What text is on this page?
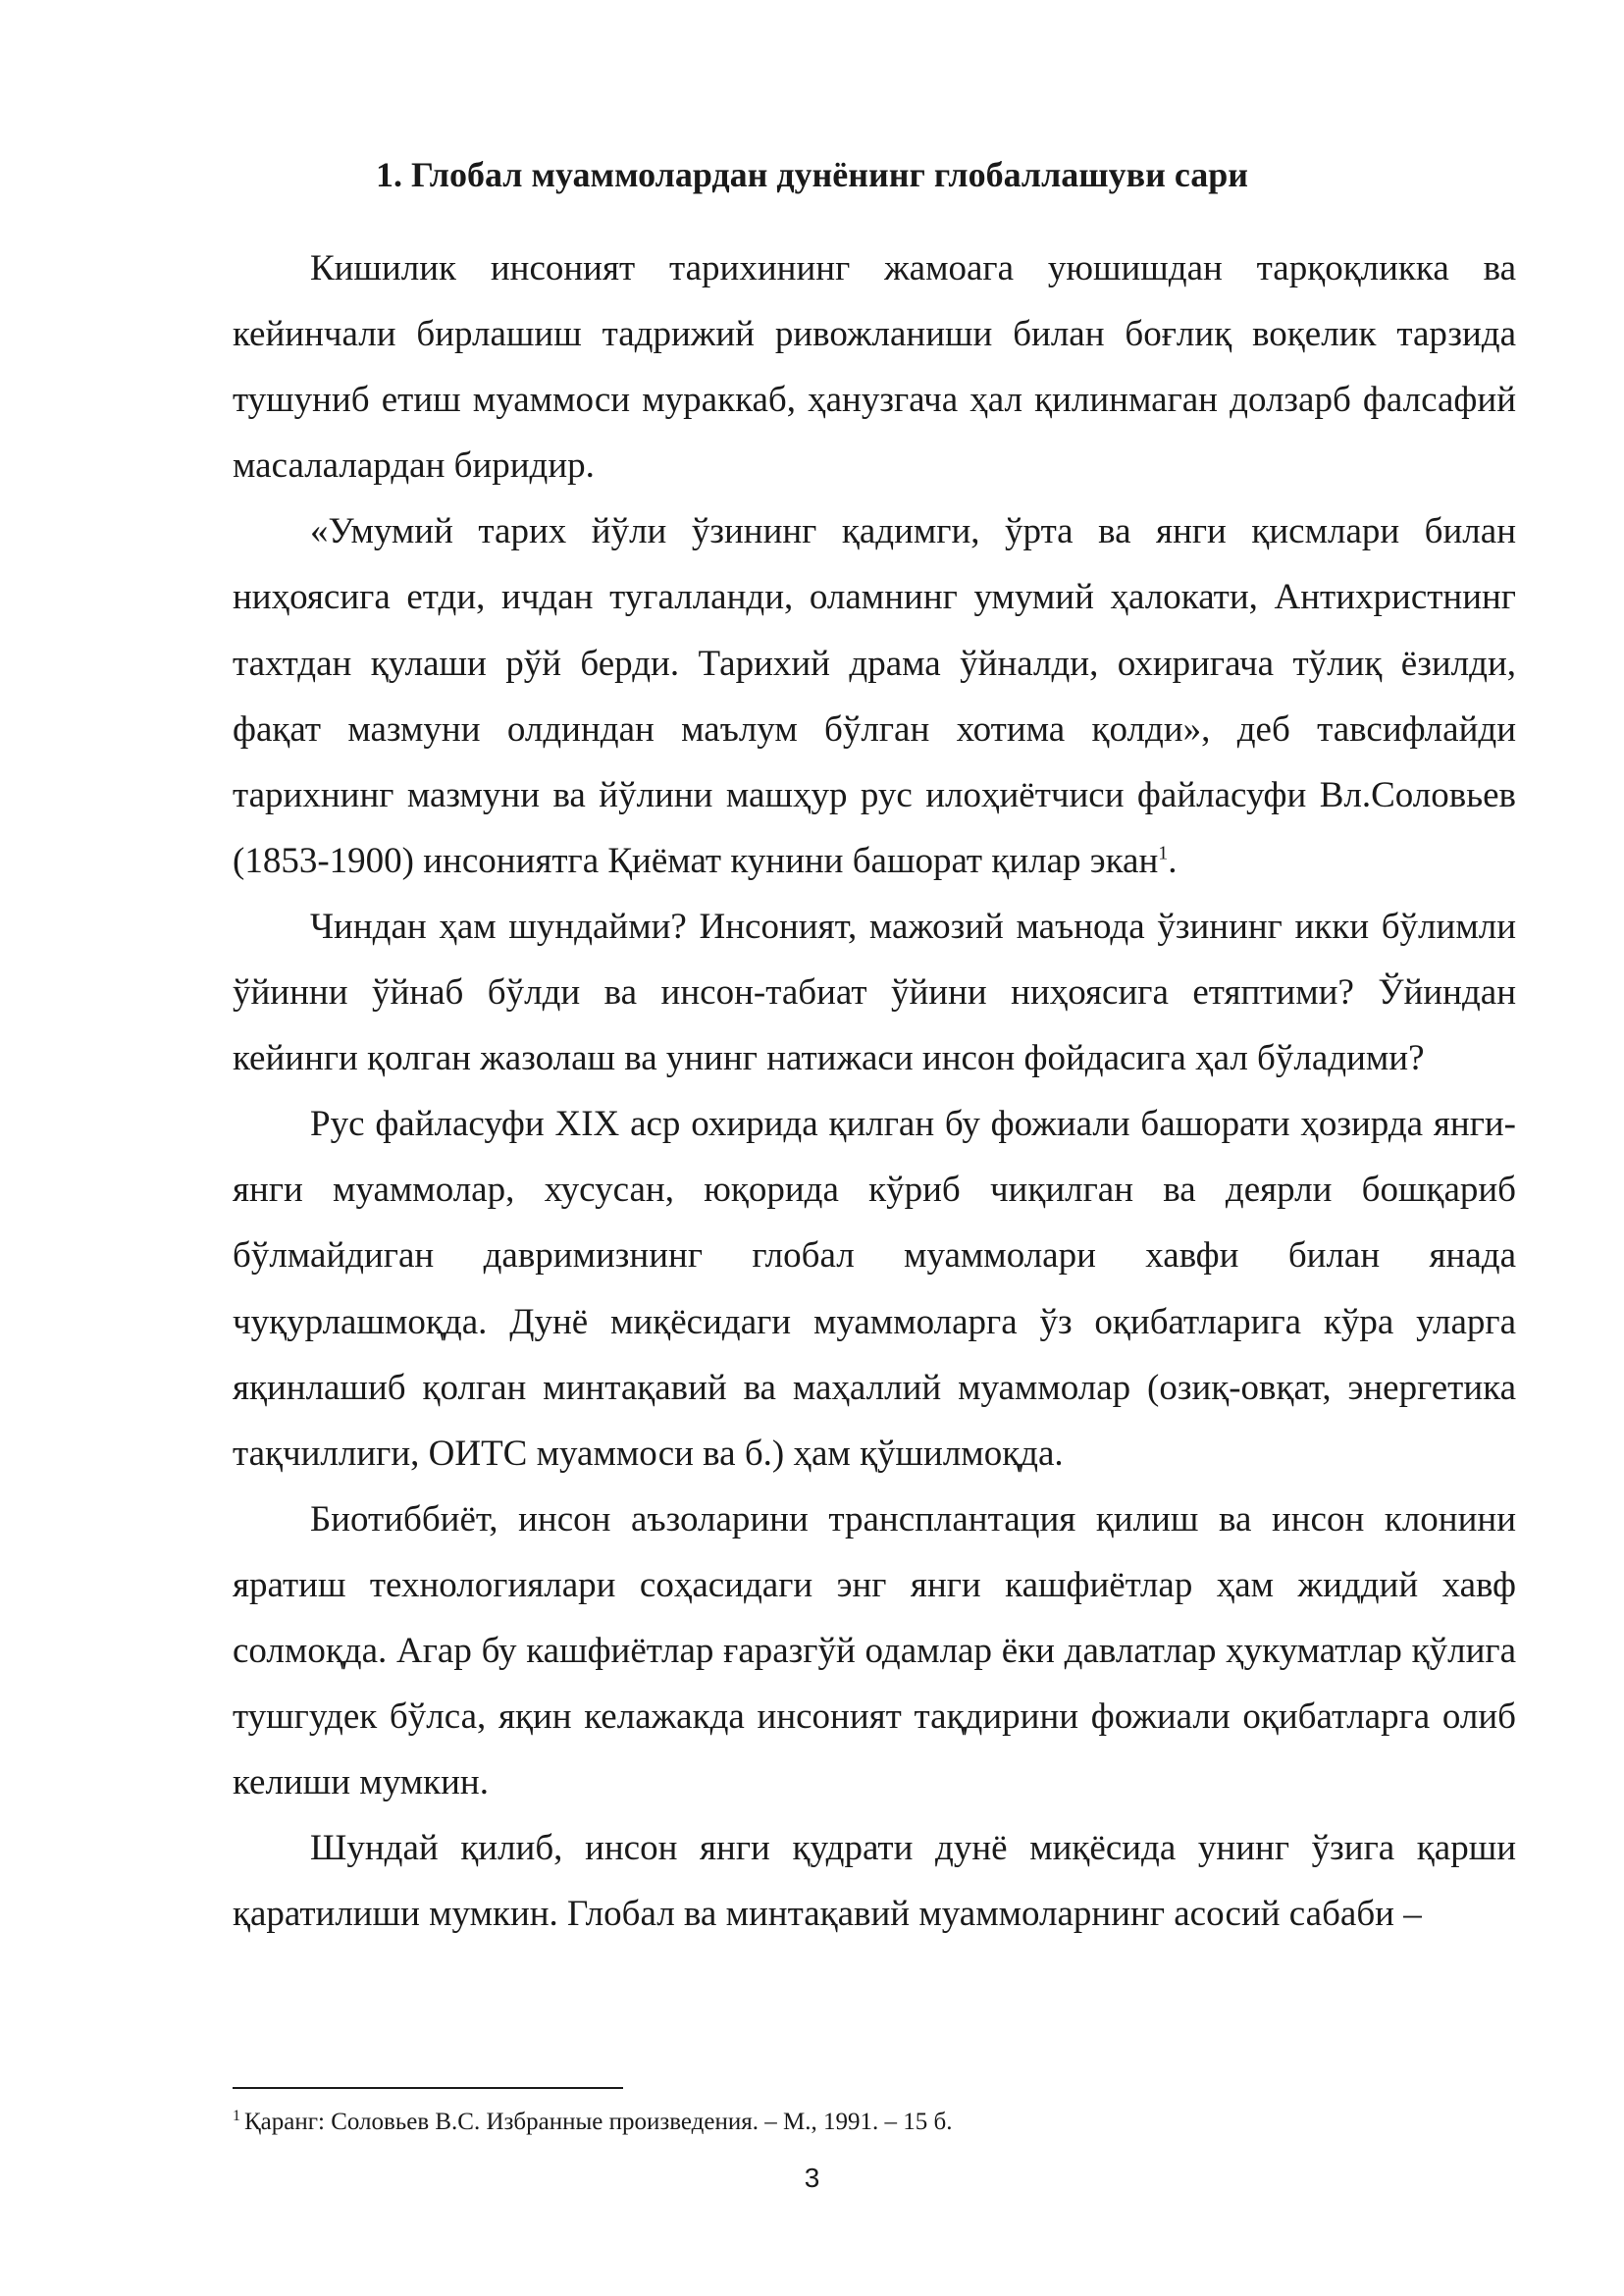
1. Глобал муаммолардан дунёнинг глобаллашуви сари

Кишилик инсоният тарихининг жамоага уюшишдан тарқоқликка ва кейинчали бирлашиш тадрижий ривожланиши билан боғлиқ воқелик тарзида тушуниб етиш муаммоси мураккаб, ҳанузгача ҳал қилинмаган долзарб фалсафий масалалардан биридир.

«Умумий тарих йўли ўзининг қадимги, ўрта ва янги қисмлари билан ниҳоясига етди, ичдан тугалланди, оламнинг умумий ҳалокати, Антихристнинг тахтдан қулаши рўй берди. Тарихий драма ўйналди, охиригача тўлиқ ёзилди, фақат мазмуни олдиндан маълум бўлган хотима қолди», деб тавсифлайди тарихнинг мазмуни ва йўлини машҳур рус илоҳиётчиси файласуфи Вл.Соловьев (1853-1900) инсониятга Қиёмат кунини башорат қилар экан$^1$.

Чиндан ҳам шундайми? Инсоният, мажозий маънода ўзининг икки бўлимли ўйинни ўйнаб бўлди ва инсон-табиат ўйини ниҳоясига етяптими? Ўйиндан кейинги қолган жазолаш ва унинг натижаси инсон фойдасига ҳал бўладими?

Рус файласуфи XIX аср охирида қилган бу фожиали башорати ҳозирда янги-янги муаммолар, хусусан, юқорида кўриб чиқилган ва деярли бошқариб бўлмайдиган давримизнинг глобал муаммолари хавфи билан янада чуқурлашмоқда. Дунё миқёсидаги муаммоларга ўз оқибатларига кўра уларга яқинлашиб қолган минтақавий ва маҳаллий муаммолар (озиқ-овқат, энергетика тақчиллиги, ОИТС муаммоси ва б.) ҳам қўшилмоқда.

Биотиббиёт, инсон аъзоларини трансплантация қилиш ва инсон клонини яратиш технологиялари соҳасидаги энг янги кашфиётлар ҳам жиддий хавф солмоқда. Агар бу кашфиётлар ғаразгўй одамлар ёки давлатлар ҳукуматлар қўлига тушгудек бўлса, яқин келажакда инсоният тақдирини фожиали оқибатларга олиб келиши мумкин.

Шундай қилиб, инсон янги қудрати дунё миқёсида унинг ўзига қарши қаратилиши мумкин. Глобал ва минтақавий муаммоларнинг асосий сабаби –

$^1$ Қаранг: Соловьев В.С. Избранные произведения. – М., 1991. – 15 б.
3
